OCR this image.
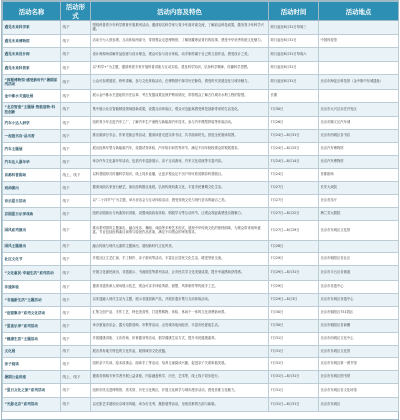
活动名称	活动形式	活动内容及特色	活动时间	活动地点
遇见未来科学家	线下	围绕科普青少年科学教育开展系列活动，邀请知名科学家与青少年面对面交流，了解前沿科技成果，激发青少年科学兴趣。	即日起至8月31日每周三	
遇见未来博物馆	线下	活动分为入馆参观、互动体验两部分，带领观众走进博物馆，了解馆藏珍品背后的故事，感受中华优秀传统文化魅力。	即日起至8月31日	中国科技馆
遇见未来设计师	线下	设计师现场讲解作品创意与设计理念，观众可参与设计体验，动手制作属于自己的文创作品，感受设计之美。	即日起至8月31日每周六	
遇见未来科普家	线下	以“科学+”为主题，邀请科普专家开展科普讲座与互动实验，普及科学知识，弘扬科学精神，传播科学思想。	即日起至8月31日	
“探秘博物馆·感受新时代”暑期系列活动	线下	公众可参观展览、聆听讲解，参与文化体验活动，在博物馆中探寻历史脉络，感受时代发展变化与城市魅力。	即日起至8月31日	北京市海淀区科技馆（金中都中东城遗址）
金中都水关遗址展	线下	展示金中都水关遗址的历史沿革、考古发掘成果及保护利用情况，带领观众了解古代城市水利工程的智慧。	长期	
“北京智造”主题展·智能造物·科技创新	线下	集中展示北京智能制造领域创新成果，设置互动体验区，观众可近距离感受科技创新带来的生活变化。	7月30日	北京市大兴区亦庄开发区
汽车小达人研学	线下	组织青少年走进汽车工厂，了解汽车生产流程与新能源汽车技术，参与汽车模型拼装等体验活动。	7月26日	北京市顺义区汽车城
一起逛书店·品书香	线下	推出阅读分享会、作家见面会等活动，邀请读者走进实体书店，共享阅读时光，营造全民阅读氛围。	7月24日—8月31日	北京市西城区各书店
汽车主题展	线下	展出经典车型与新能源汽车，设置试驾体验、汽车知识问答等环节，满足不同年龄段观众的观展需求。	7月24日—8月25日	北京汽车博物馆
汽车达人嘉年华	线下	举办汽车文化嘉年华活动，包括汽车巡游展示、亲子互动游戏、汽车文化讲座等丰富内容。	7月24日—8月14日	北京汽车博物馆
首都科普剧场	线上、线下	以科普剧形式传播科学知识，线上同步直播，让更多观众足不出户即可欣赏精彩科普剧目。	7月24日	首都剧场
戏曲演出	线下	邀请戏曲名家登台献艺，演出经典剧目选段，弘扬传统戏曲文化，丰富市民暑期文化生活。	7月27日	长安大戏院
音乐夏日活动	线下	以“二十四节气”为主题，举办音乐会与互动体验活动，感受传统文化与现代音乐的融合之美。	7月27日	北京音乐厅
京剧夏日乐享戏曲	线下	组织京剧演出与戏曲知识讲座，设置戏曲妆容体验、唱段学习等互动环节，让观众零距离感受京剧魅力。	7月27日—8月22日	梅兰芳大剧院
国风系列演出	线下	推出系列国风主题演出，融合民乐、舞蹈、戏曲等多种艺术形式，展现中华传统文化的独特韵味，为观众带来视听盛宴。节目包括经典曲目演奏与原创作品首演，满足不同观众的审美需求。	7月27日—8月29日	北京市东城区文化馆
国风主题演出	线下	融合传统与现代元素的主题演出，展现新时代文化风采。	7月28日	
社区文化节	线下	开展社区文艺汇演、手工制作、亲子游戏等活动，丰富社区居民文化生活，增进邻里交流。	7月29日	北京市朝阳区各社区
“文化惠民·幸福生活”系列活动	线下	开展文化惠民演出、非遗展示、书画展览等系列活动，让市民共享文化发展成果，提升幸福感和获得感。	7月29日—8月31日	北京市丰台区各街道
非遗体验	线下	邀请非遗传承人现场展示技艺，观众可亲手体验剪纸、面塑、风筝制作等传统手工艺。	7月29日	北京市非遗中心
“非遗新生活”主题活动	线下	以非遗融入现代生活为主题，展示非遗创新产品，开展非遗市集与互动体验活动。	7月29日—8月3日	北京市东城区非遗中心
“创意集市”系列文化活动	线下	汇集文创产品、手作工艺、特色美食等，打造集购物、体验、休闲于一体的文化消费新场景。	7月30日	北京市朝阳区751园区
“夏夜乐享”系列活动	线下	举办夏夜音乐会、露天电影放映、市集等活动，点亮城市夜间经济，丰富市民夏夜生活。	7月30日	北京市朝阳区各商圈
“健康生活”主题活动	线下	开展健康讲座、义诊咨询、体育健身等活动，倡导健康生活方式，提升市民健康素养。	7月31日	北京市西城区文化中心
文化展	线下	展出具有地方特色的文化作品，展现城市文化底蕴。	7月31日	北京市东城区文化馆
亲子阅读	线下	组织亲子共读、绘本故事会、阅读手工等活动，培养儿童阅读兴趣，促进亲子关系和谐发展。	7月31日	北京市东城区第一图书馆
暑期公益讲座	线上、线下	邀请各领域专家学者开展公益讲座，内容涵盖科学、历史、艺术等，线上线下同步进行。	7月31日—8月31日	北京市东城区图书馆
“夏日文化之旅”系列活动	线下	组织市民走进博物馆、美术馆、历史文化街区，开展文化研学与城市漫步活动，感受首都文化魅力。	7月31日	北京市东城区各文化场馆
“光影北京”系列活动	线下	以光影艺术展现北京城市风貌，举办灯光秀、摄影展等活动，呈现首都的古韵与新貌。	7月31日—8月31日	北京市东城区
